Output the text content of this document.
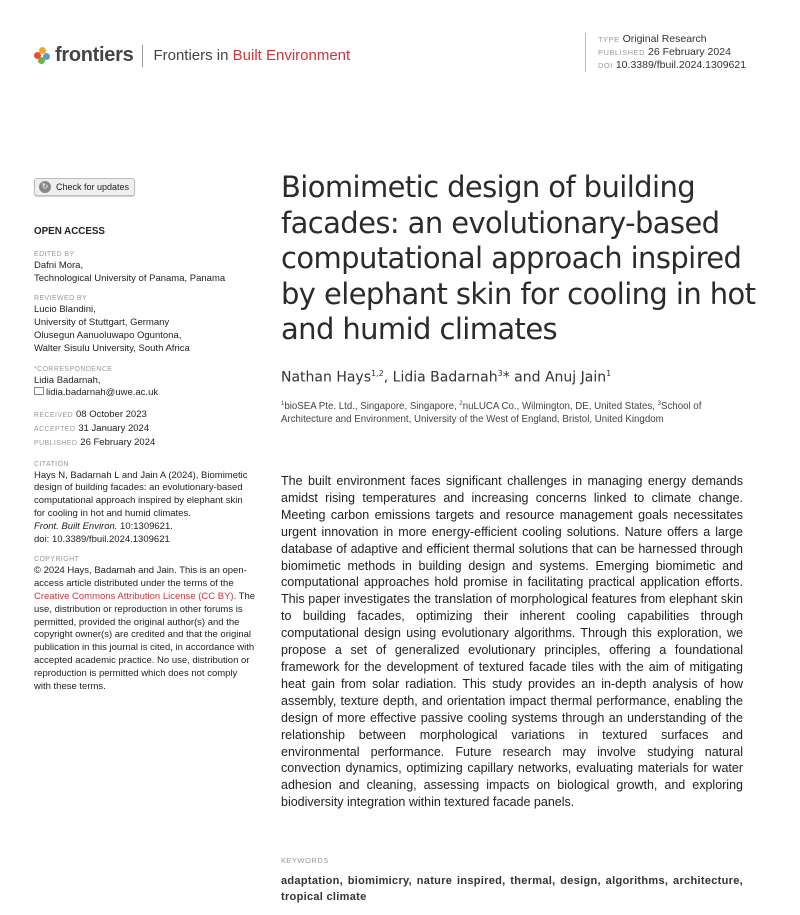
frontiers Frontiers in Built Environment
TYPE Original Research
PUBLISHED 26 February 2024
DOI 10.3389/fbuil.2024.1309621
↻ Check for updates
OPEN ACCESS
EDITED BY
Dafni Mora,
Technological University of Panama, Panama
REVIEWED BY
Lucio Blandini,
University of Stuttgart, Germany
Olusegun Aanuoluwapo Oguntona,
Walter Sisulu University, South Africa
*CORRESPONDENCE
Lidia Badarnah,
lidia.badarnah@uwe.ac.uk
RECEIVED 08 October 2023
ACCEPTED 31 January 2024
PUBLISHED 26 February 2024
CITATION
Hays N, Badarnah L and Jain A (2024), Biomimetic design of building facades: an evolutionary-based computational approach inspired by elephant skin for cooling in hot and humid climates.
Front. Built Environ. 10:1309621.
doi: 10.3389/fbuil.2024.1309621
COPYRIGHT
© 2024 Hays, Badarnah and Jain. This is an open-access article distributed under the terms of the Creative Commons Attribution License (CC BY). The use, distribution or reproduction in other forums is permitted, provided the original author(s) and the copyright owner(s) are credited and that the original publication in this journal is cited, in accordance with accepted academic practice. No use, distribution or reproduction is permitted which does not comply with these terms.
Biomimetic design of building facades: an evolutionary-based computational approach inspired by elephant skin for cooling in hot and humid climates
Nathan Hays$^{1,2}$, Lidia Badarnah$^3$* and Anuj Jain$^1$
$^1$bioSEA Pte. Ltd., Singapore, Singapore, $^2$nuLUCA Co., Wilmington, DE, United States, $^3$School of Architecture and Environment, University of the West of England, Bristol, United Kingdom

The built environment faces significant challenges in managing energy demands amidst rising temperatures and increasing concerns linked to climate change. Meeting carbon emissions targets and resource management goals necessitates urgent innovation in more energy-efficient cooling solutions. Nature offers a large database of adaptive and efficient thermal solutions that can be harnessed through biomimetic methods in building design and systems. Emerging biomimetic and computational approaches hold promise in facilitating practical application efforts. This paper investigates the translation of morphological features from elephant skin to building facades, optimizing their inherent cooling capabilities through computational design using evolutionary algorithms. Through this exploration, we propose a set of generalized evolutionary principles, offering a foundational framework for the development of textured facade tiles with the aim of mitigating heat gain from solar radiation. This study provides an in-depth analysis of how assembly, texture depth, and orientation impact thermal performance, enabling the design of more effective passive cooling systems through an understanding of the relationship between morphological variations in textured surfaces and environmental performance. Future research may involve studying natural convection dynamics, optimizing capillary networks, evaluating materials for water adhesion and cleaning, assessing impacts on biological growth, and exploring biodiversity integration within textured facade panels.

KEYWORDS
adaptation, biomimicry, nature inspired, thermal, design, algorithms, architecture, tropical climate
